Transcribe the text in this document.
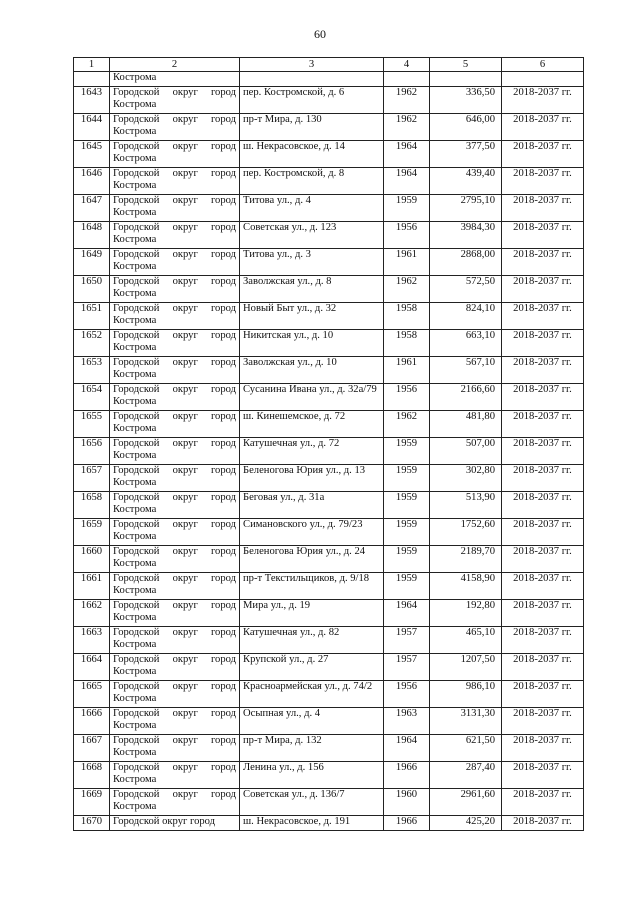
60
1	2	3	4	5	6
	Кострома				
1643	Городской округ город Кострома	пер. Костромской, д. 6	1962	336,50	2018-2037 гг.
1644	Городской округ город Кострома	пр-т Мира, д. 130	1962	646,00	2018-2037 гг.
1645	Городской округ город Кострома	ш. Некрасовское, д. 14	1964	377,50	2018-2037 гг.
1646	Городской округ город Кострома	пер. Костромской, д. 8	1964	439,40	2018-2037 гг.
1647	Городской округ город Кострома	Титова ул., д. 4	1959	2795,10	2018-2037 гг.
1648	Городской округ город Кострома	Советская ул., д. 123	1956	3984,30	2018-2037 гг.
1649	Городской округ город Кострома	Титова ул., д. 3	1961	2868,00	2018-2037 гг.
1650	Городской округ город Кострома	Заволжская ул., д. 8	1962	572,50	2018-2037 гг.
1651	Городской округ город Кострома	Новый Быт ул., д. 32	1958	824,10	2018-2037 гг.
1652	Городской округ город Кострома	Никитская ул., д. 10	1958	663,10	2018-2037 гг.
1653	Городской округ город Кострома	Заволжская ул., д. 10	1961	567,10	2018-2037 гг.
1654	Городской округ город Кострома	Сусанина Ивана ул., д. 32а/79	1956	2166,60	2018-2037 гг.
1655	Городской округ город Кострома	ш. Кинешемское, д. 72	1962	481,80	2018-2037 гг.
1656	Городской округ город Кострома	Катушечная ул., д. 72	1959	507,00	2018-2037 гг.
1657	Городской округ город Кострома	Беленогова Юрия ул., д. 13	1959	302,80	2018-2037 гг.
1658	Городской округ город Кострома	Беговая ул., д. 31а	1959	513,90	2018-2037 гг.
1659	Городской округ город Кострома	Симановского ул., д. 79/23	1959	1752,60	2018-2037 гг.
1660	Городской округ город Кострома	Беленогова Юрия ул., д. 24	1959	2189,70	2018-2037 гг.
1661	Городской округ город Кострома	пр-т Текстильщиков, д. 9/18	1959	4158,90	2018-2037 гг.
1662	Городской округ город Кострома	Мира ул., д. 19	1964	192,80	2018-2037 гг.
1663	Городской округ город Кострома	Катушечная ул., д. 82	1957	465,10	2018-2037 гг.
1664	Городской округ город Кострома	Крупской ул., д. 27	1957	1207,50	2018-2037 гг.
1665	Городской округ город Кострома	Красноармейская ул., д. 74/2	1956	986,10	2018-2037 гг.
1666	Городской округ город Кострома	Осыпная ул., д. 4	1963	3131,30	2018-2037 гг.
1667	Городской округ город Кострома	пр-т Мира, д. 132	1964	621,50	2018-2037 гг.
1668	Городской округ город Кострома	Ленина ул., д. 156	1966	287,40	2018-2037 гг.
1669	Городской округ город Кострома	Советская ул., д. 136/7	1960	2961,60	2018-2037 гг.
1670	Городской округ город	ш. Некрасовское, д. 191	1966	425,20	2018-2037 гг.
